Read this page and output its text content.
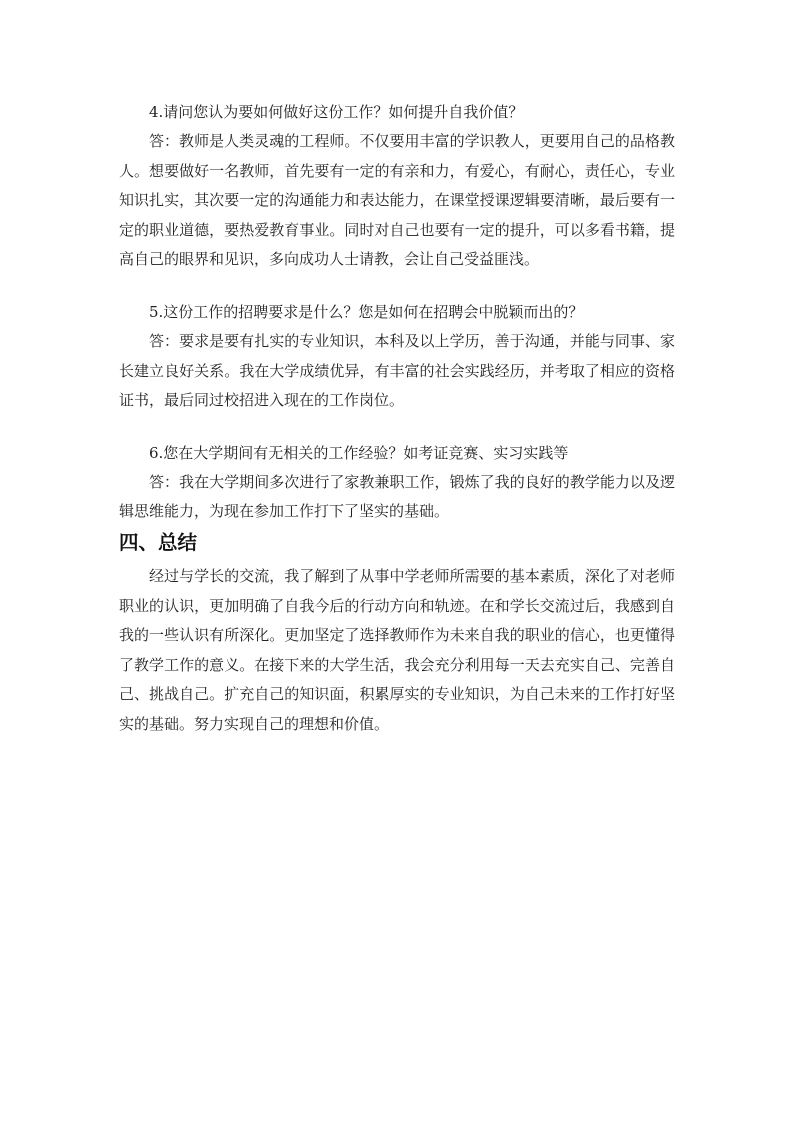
4.请问您认为要如何做好这份工作？如何提升自我价值？
答：教师是人类灵魂的工程师。不仅要用丰富的学识教人，更要用自己的品格教人。想要做好一名教师，首先要有一定的有亲和力，有爱心，有耐心，责任心，专业知识扎实，其次要一定的沟通能力和表达能力，在课堂授课逻辑要清晰，最后要有一定的职业道德，要热爱教育事业。同时对自己也要有一定的提升，可以多看书籍，提高自己的眼界和见识，多向成功人士请教，会让自己受益匪浅。
5.这份工作的招聘要求是什么？您是如何在招聘会中脱颖而出的？
答：要求是要有扎实的专业知识，本科及以上学历，善于沟通，并能与同事、家长建立良好关系。我在大学成绩优异，有丰富的社会实践经历，并考取了相应的资格证书，最后同过校招进入现在的工作岗位。
6.您在大学期间有无相关的工作经验？如考证竞赛、实习实践等
答：我在大学期间多次进行了家教兼职工作，锻炼了我的良好的教学能力以及逻辑思维能力，为现在参加工作打下了坚实的基础。
四、总结
经过与学长的交流，我了解到了从事中学老师所需要的基本素质，深化了对老师职业的认识，更加明确了自我今后的行动方向和轨迹。在和学长交流过后，我感到自我的一些认识有所深化。更加坚定了选择教师作为未来自我的职业的信心，也更懂得了教学工作的意义。在接下来的大学生活，我会充分利用每一天去充实自己、完善自己、挑战自己。扩充自己的知识面，积累厚实的专业知识，为自己未来的工作打好坚实的基础。努力实现自己的理想和价值。
